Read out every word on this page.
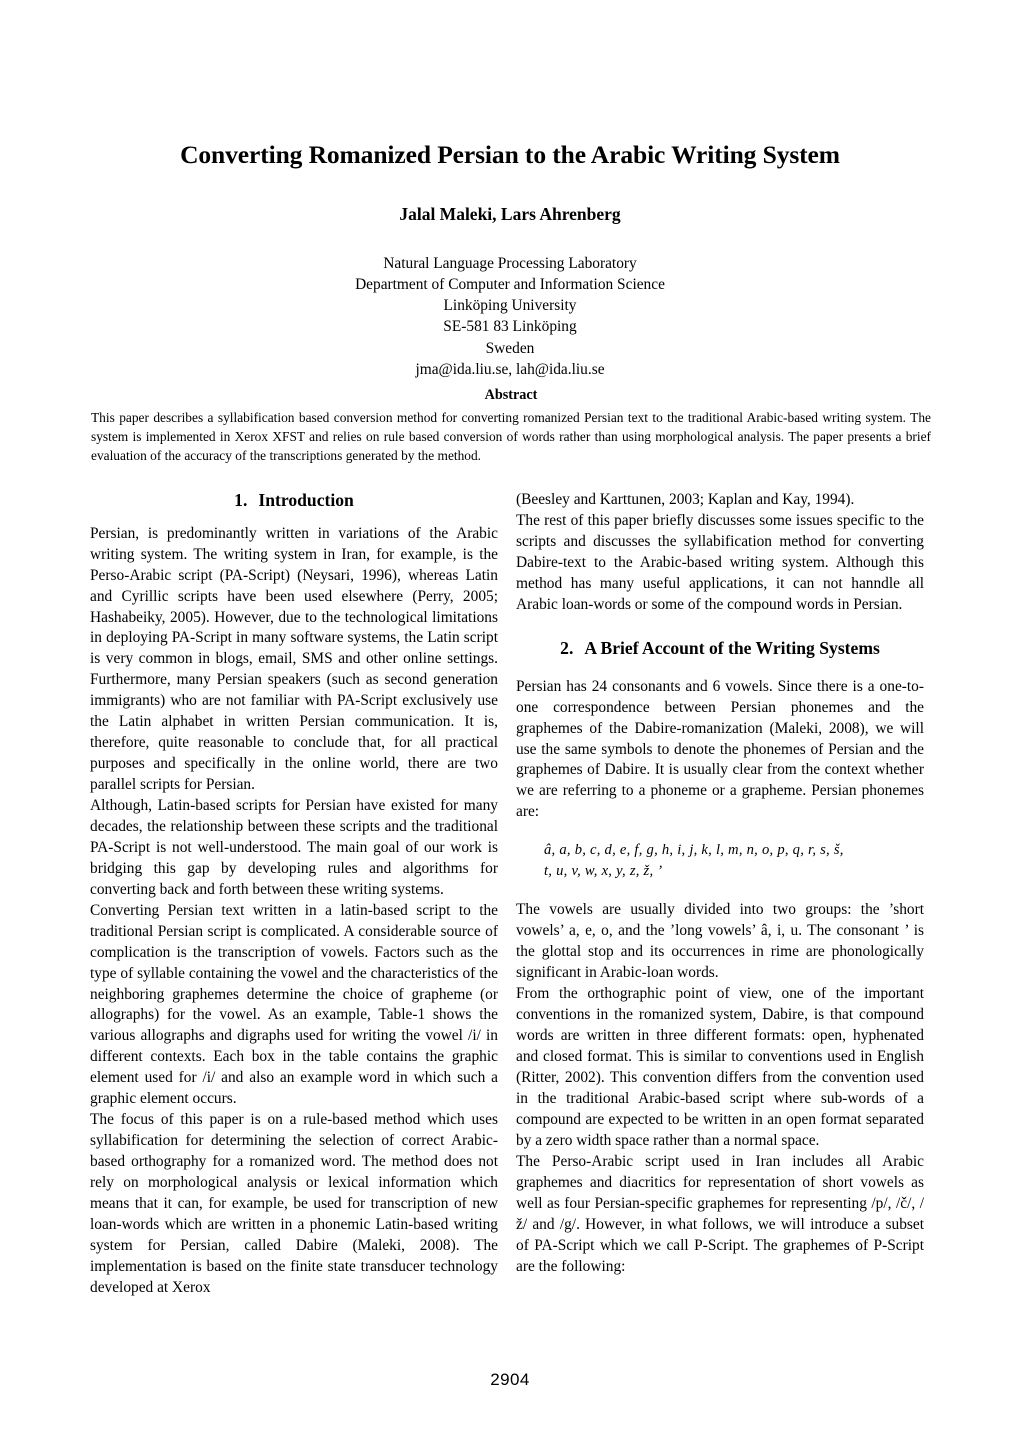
Converting Romanized Persian to the Arabic Writing System
Jalal Maleki, Lars Ahrenberg
Natural Language Processing Laboratory
Department of Computer and Information Science
Linköping University
SE-581 83 Linköping
Sweden
jma@ida.liu.se, lah@ida.liu.se
Abstract

This paper describes a syllabification based conversion method for converting romanized Persian text to the traditional Arabic-based writing system. The system is implemented in Xerox XFST and relies on rule based conversion of words rather than using morphological analysis. The paper presents a brief evaluation of the accuracy of the transcriptions generated by the method.

1. Introduction

Persian, is predominantly written in variations of the Arabic writing system. The writing system in Iran, for example, is the Perso-Arabic script (PA-Script) (Neysari, 1996), whereas Latin and Cyrillic scripts have been used elsewhere (Perry, 2005; Hashabeiky, 2005). However, due to the technological limitations in deploying PA-Script in many software systems, the Latin script is very common in blogs, email, SMS and other online settings. Furthermore, many Persian speakers (such as second generation immigrants) who are not familiar with PA-Script exclusively use the Latin alphabet in written Persian communication. It is, therefore, quite reasonable to conclude that, for all practical purposes and specifically in the online world, there are two parallel scripts for Persian.

Although, Latin-based scripts for Persian have existed for many decades, the relationship between these scripts and the traditional PA-Script is not well-understood. The main goal of our work is bridging this gap by developing rules and algorithms for converting back and forth between these writing systems.

Converting Persian text written in a latin-based script to the traditional Persian script is complicated. A considerable source of complication is the transcription of vowels. Factors such as the type of syllable containing the vowel and the characteristics of the neighboring graphemes determine the choice of grapheme (or allographs) for the vowel. As an example, Table-1 shows the various allographs and digraphs used for writing the vowel /i/ in different contexts. Each box in the table contains the graphic element used for /i/ and also an example word in which such a graphic element occurs.

The focus of this paper is on a rule-based method which uses syllabification for determining the selection of correct Arabic-based orthography for a romanized word. The method does not rely on morphological analysis or lexical information which means that it can, for example, be used for transcription of new loan-words which are written in a phonemic Latin-based writing system for Persian, called Dabire (Maleki, 2008). The implementation is based on the finite state transducer technology developed at Xerox

(Beesley and Karttunen, 2003; Kaplan and Kay, 1994).

The rest of this paper briefly discusses some issues specific to the scripts and discusses the syllabification method for converting Dabire-text to the Arabic-based writing system. Although this method has many useful applications, it can not hanndle all Arabic loan-words or some of the compound words in Persian.

2. A Brief Account of the Writing Systems

Persian has 24 consonants and 6 vowels. Since there is a one-to-one correspondence between Persian phonemes and the graphemes of the Dabire-romanization (Maleki, 2008), we will use the same symbols to denote the phonemes of Persian and the graphemes of Dabire. It is usually clear from the context whether we are referring to a phoneme or a grapheme. Persian phonemes are:

â, a, b, c, d, e, f, g, h, i, j, k, l, m, n, o, p, q, r, s, š,
t, u, v, w, x, y, z, ž, ’

The vowels are usually divided into two groups: the ’short vowels’ a, e, o, and the ’long vowels’ â, i, u. The consonant ’ is the glottal stop and its occurrences in rime are phonologically significant in Arabic-loan words.

From the orthographic point of view, one of the important conventions in the romanized system, Dabire, is that compound words are written in three different formats: open, hyphenated and closed format. This is similar to conventions used in English (Ritter, 2002). This convention differs from the convention used in the traditional Arabic-based script where sub-words of a compound are expected to be written in an open format separated by a zero width space rather than a normal space.

The Perso-Arabic script used in Iran includes all Arabic graphemes and diacritics for representation of short vowels as well as four Persian-specific graphemes for representing /p/, /č/, /ž/ and /g/. However, in what follows, we will introduce a subset of PA-Script which we call P-Script. The graphemes of P-Script are the following:

2904
